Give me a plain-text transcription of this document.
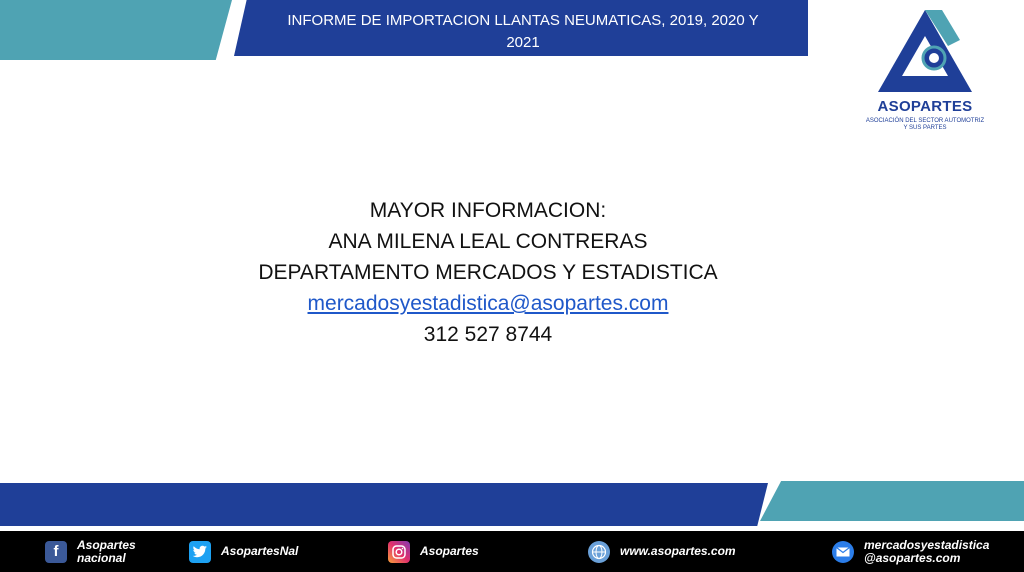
INFORME DE IMPORTACION LLANTAS NEUMATICAS, 2019, 2020 Y
2021
ASOPARTES
ASOCIACIÓN DEL SECTOR AUTOMOTRIZ
Y SUS PARTES
MAYOR INFORMACION:
ANA MILENA LEAL CONTRERAS
DEPARTAMENTO MERCADOS Y ESTADISTICA
mercadosyestadistica@asopartes.com
312 527 8744
f	Asopartes
nacional	AsopartesNal	Asopartes	www.asopartes.com	mercadosyestadistica
@asopartes.com
